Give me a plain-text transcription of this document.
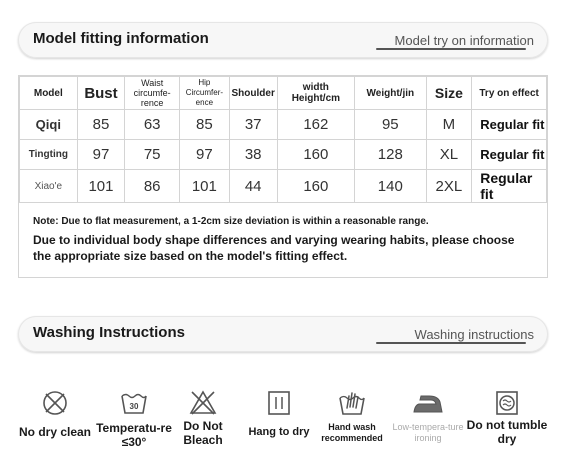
Model fitting information	Model try on information
Model	Bust	Waist circumfe-rence	Hip Circumfer-ence	Shoulder	width Height/cm	Weight/jin	Size	Try on effect
Qiqi	85	63	85	37	162	95	M	Regular fit
Tingting	97	75	97	38	160	128	XL	Regular fit
Xiao'e	101	86	101	44	160	140	2XL	Regular fit
Note: Due to flat measurement, a 1-2cm size deviation is within a reasonable range.
Due to individual body shape differences and varying wearing habits, please choose the appropriate size based on the model's fitting effect.
Washing Instructions	Washing instructions
No dry clean
30
Temperatu-re ≤30°
Do Not Bleach
Hang to dry	Hand wash recommended
Low-tempera-ture ironing
Do not tumble dry
